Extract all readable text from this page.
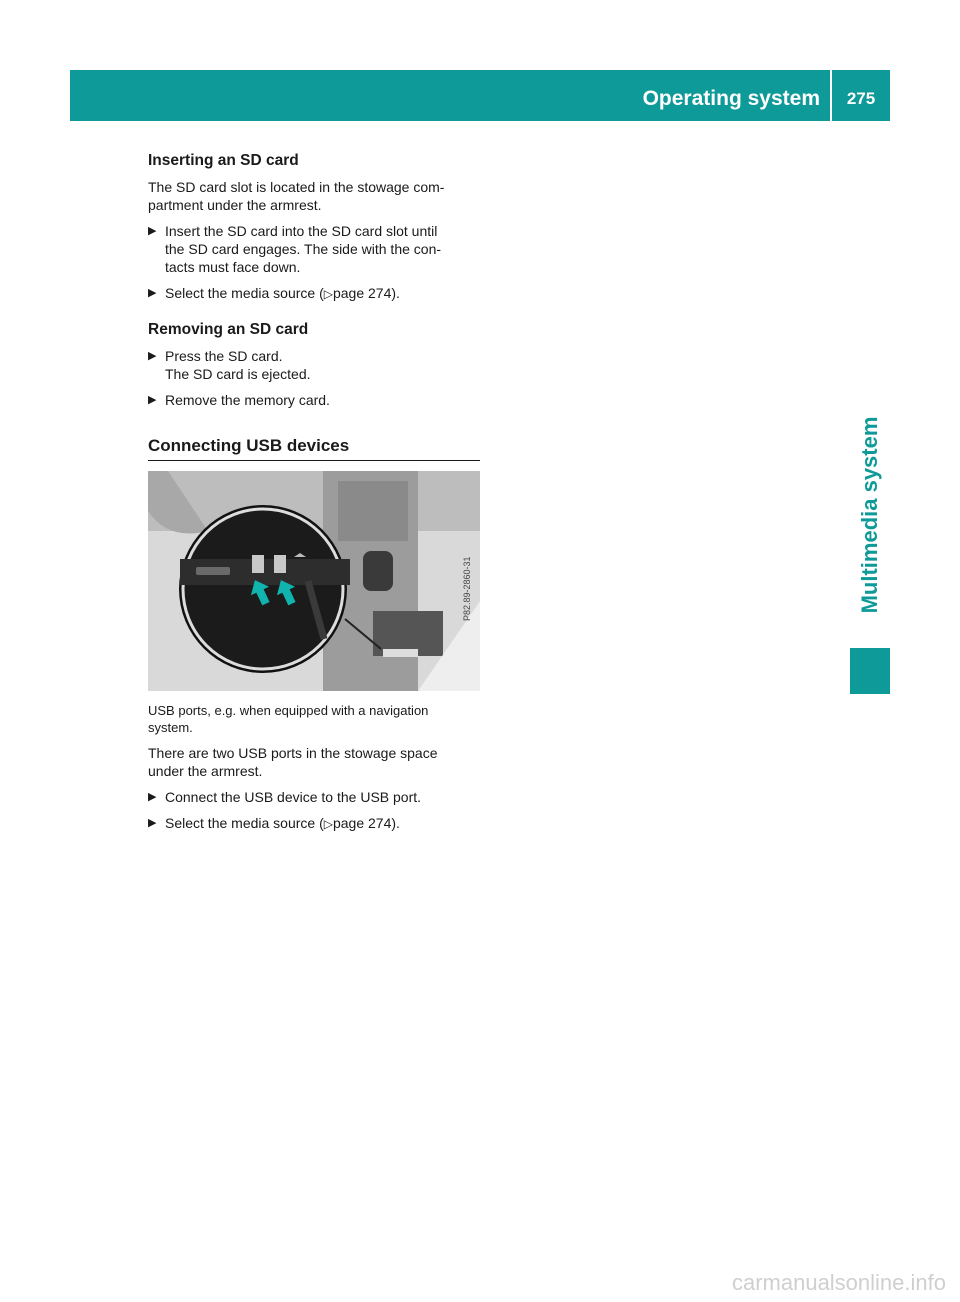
Operating system	275
Multimedia system
Inserting an SD card
The SD card slot is located in the stowage com-
partment under the armrest.
▶ Insert the SD card into the SD card slot until
the SD card engages. The side with the con-
tacts must face down.
▶ Select the media source (▷page 274).
Removing an SD card
▶ Press the SD card.
The SD card is ejected.
▶ Remove the memory card.
Connecting USB devices
P82.89-2860-31
USB ports, e.g. when equipped with a navigation
system.
There are two USB ports in the stowage space
under the armrest.
▶ Connect the USB device to the USB port.
▶ Select the media source (▷page 274).
carmanualsonline.info
